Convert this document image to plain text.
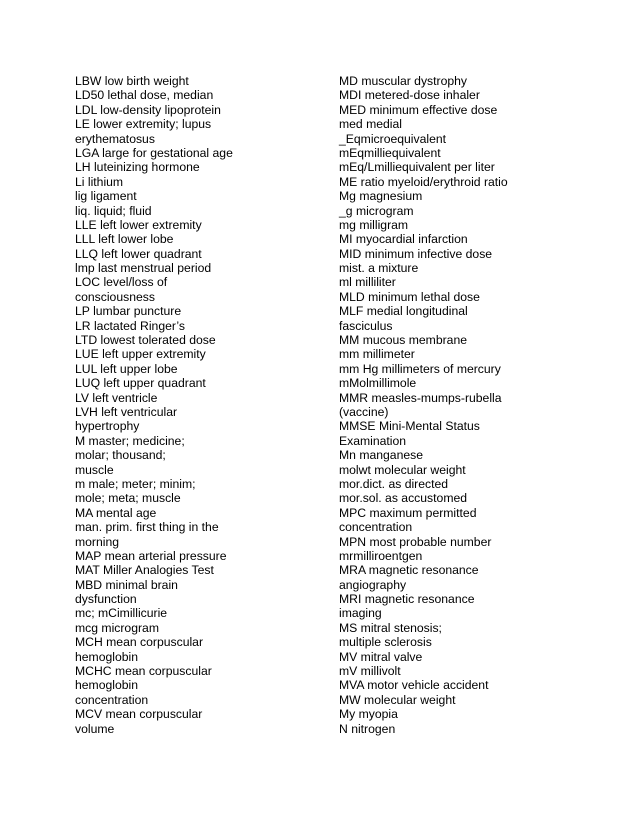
LBW low birth weight
LD50 lethal dose, median
LDL low-density lipoprotein
LE lower extremity; lupus
erythematosus
LGA large for gestational age
LH luteinizing hormone
Li lithium
lig ligament
liq. liquid; fluid
LLE left lower extremity
LLL left lower lobe
LLQ left lower quadrant
lmp last menstrual period
LOC level/loss of
consciousness
LP lumbar puncture
LR lactated Ringer’s
LTD lowest tolerated dose
LUE left upper extremity
LUL left upper lobe
LUQ left upper quadrant
LV left ventricle
LVH left ventricular
hypertrophy
M master; medicine;
molar; thousand;
muscle
m male; meter; minim;
mole; meta; muscle
MA mental age
man. prim. first thing in the
morning
MAP mean arterial pressure
MAT Miller Analogies Test
MBD minimal brain
dysfunction
mc; mCimillicurie
mcg microgram
MCH mean corpuscular
hemoglobin
MCHC mean corpuscular
hemoglobin
concentration
MCV mean corpuscular
volume
MD muscular dystrophy
MDI metered-dose inhaler
MED minimum effective dose
med medial
_Eqmicroequivalent
mEqmilliequivalent
mEq/Lmilliequivalent per liter
ME ratio myeloid/erythroid ratio
Mg magnesium
_g microgram
mg milligram
MI myocardial infarction
MID minimum infective dose
mist. a mixture
ml milliliter
MLD minimum lethal dose
MLF medial longitudinal
fasciculus
MM mucous membrane
mm millimeter
mm Hg millimeters of mercury
mMolmillimole
MMR measles-mumps-rubella
(vaccine)
MMSE Mini-Mental Status
Examination
Mn manganese
molwt molecular weight
mor.dict. as directed
mor.sol. as accustomed
MPC maximum permitted
concentration
MPN most probable number
mrmilliroentgen
MRA magnetic resonance
angiography
MRI magnetic resonance
imaging
MS mitral stenosis;
multiple sclerosis
MV mitral valve
mV millivolt
MVA motor vehicle accident
MW molecular weight
My myopia
N nitrogen
